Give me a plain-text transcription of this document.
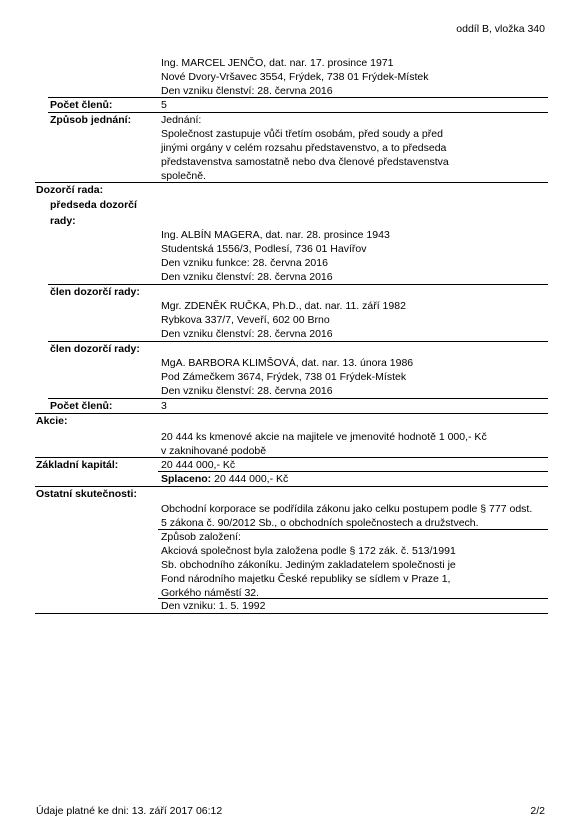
oddíl B, vložka 340
Ing. MARCEL JENČO, dat. nar. 17. prosince 1971
Nové Dvory-Vršavec 3554, Frýdek, 738 01 Frýdek-Místek
Den vzniku členství: 28. června 2016
Počet členů:	5
Způsob jednání:	Jednání:
Společnost zastupuje vůči třetím osobám, před soudy a před
jinými orgány v celém rozsahu představenstvo, a to předseda
představenstva samostatně nebo dva členové představenstva
společně.
Dozorčí rada:
předseda dozorčí
rady:
Ing. ALBÍN MAGERA, dat. nar. 28. prosince 1943
Studentská 1556/3, Podlesí, 736 01 Havířov
Den vzniku funkce: 28. června 2016
Den vzniku členství: 28. června 2016
člen dozorčí rady:
Mgr. ZDENĚK RUČKA, Ph.D., dat. nar. 11. září 1982
Rybkova 337/7, Veveří, 602 00 Brno
Den vzniku členství: 28. června 2016
člen dozorčí rady:
MgA. BARBORA KLIMŠOVÁ, dat. nar. 13. února 1986
Pod Zámečkem 3674, Frýdek, 738 01 Frýdek-Místek
Den vzniku členství: 28. června 2016
Počet členů:	3
Akcie:
20 444 ks kmenové akcie na majitele ve jmenovité hodnotě 1 000,- Kč
v zaknihované podobě
Základní kapitál:	20 444 000,- Kč
Splaceno: 20 444 000,- Kč
Ostatní skutečnosti:
Obchodní korporace se podřídila zákonu jako celku postupem podle § 777 odst.
5 zákona č. 90/2012 Sb., o obchodních společnostech a družstvech.
Způsob založení:
Akciová společnost byla založena podle § 172 zák. č. 513/1991
Sb. obchodního zákoníku. Jediným zakladatelem společnosti je
Fond národního majetku České republiky se sídlem v Praze 1,
Gorkého náměstí 32.
Den vzniku: 1. 5. 1992
Údaje platné ke dni: 13. září 2017 06:12	2/2
